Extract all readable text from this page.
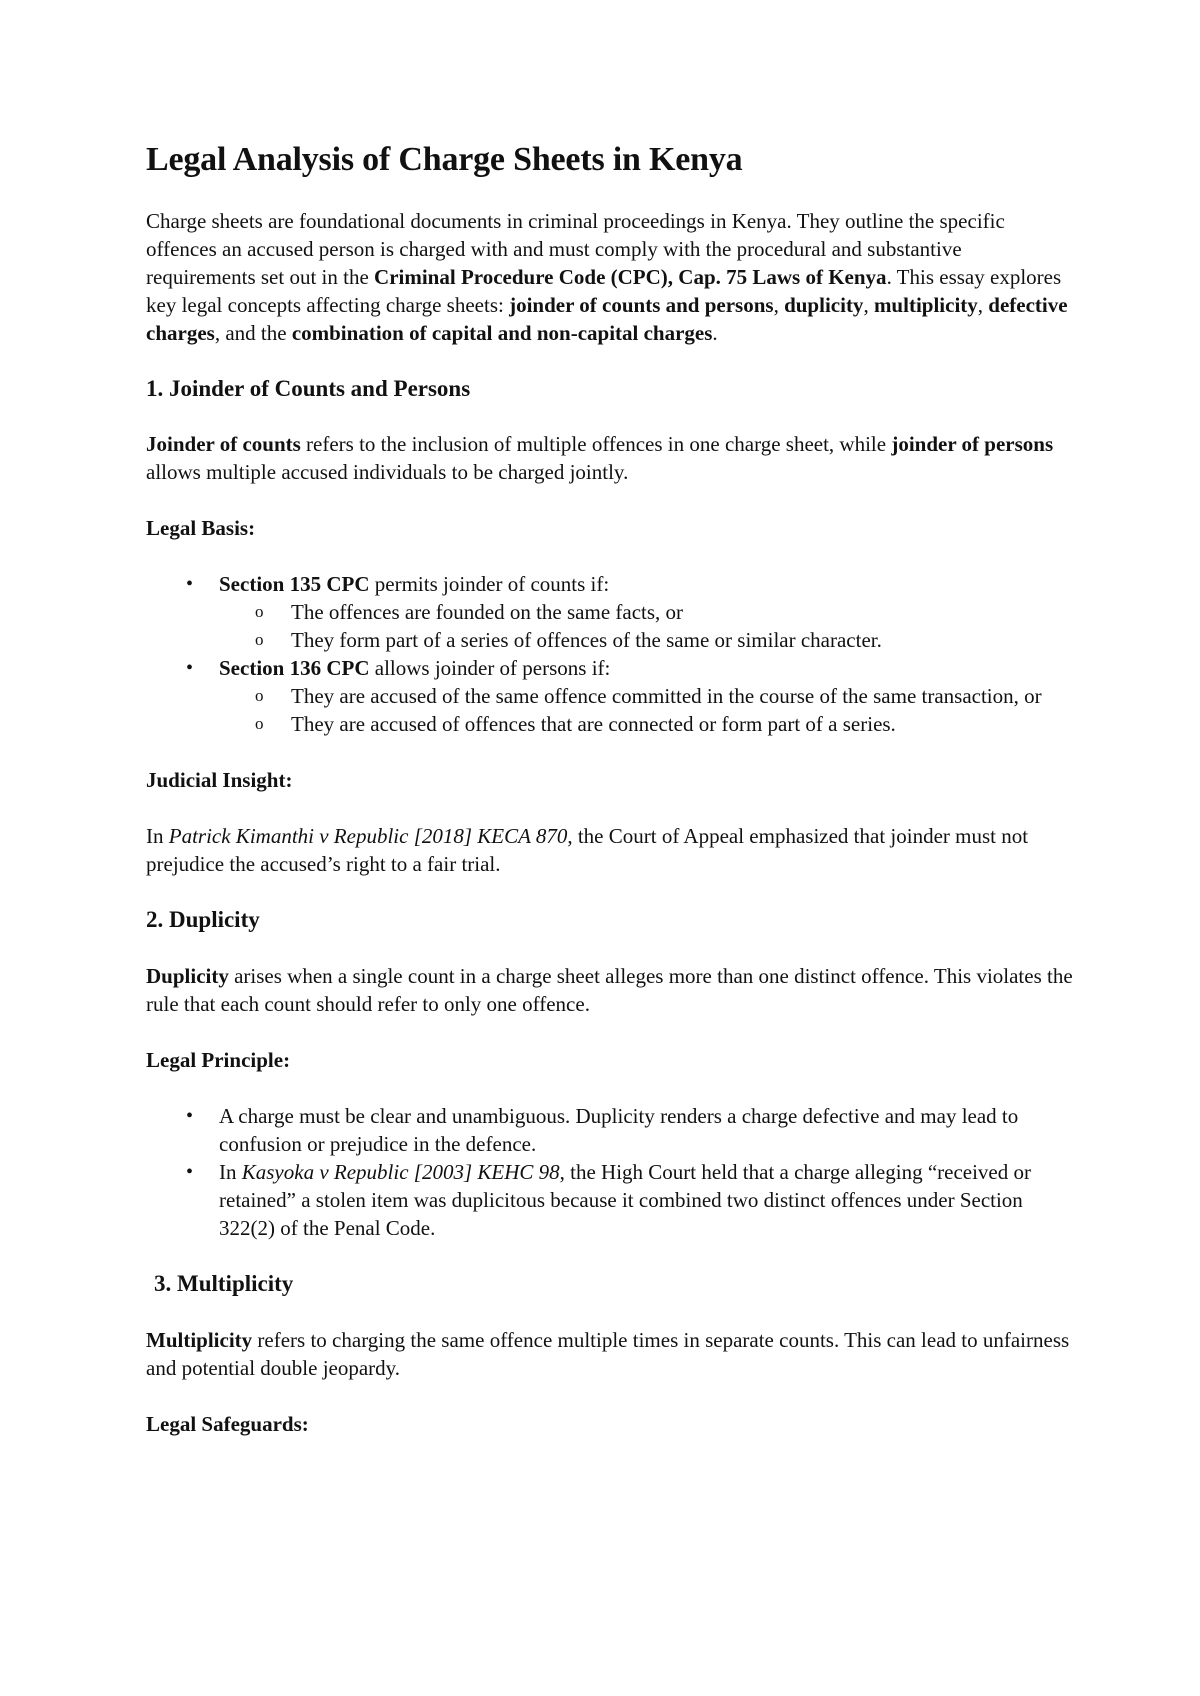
Legal Analysis of Charge Sheets in Kenya

Charge sheets are foundational documents in criminal proceedings in Kenya. They outline the specific offences an accused person is charged with and must comply with the procedural and substantive requirements set out in the Criminal Procedure Code (CPC), Cap. 75 Laws of Kenya. This essay explores key legal concepts affecting charge sheets: joinder of counts and persons, duplicity, multiplicity, defective charges, and the combination of capital and non-capital charges.

1. Joinder of Counts and Persons

Joinder of counts refers to the inclusion of multiple offences in one charge sheet, while joinder of persons allows multiple accused individuals to be charged jointly.

Legal Basis:

• Section 135 CPC permits joinder of counts if:
o The offences are founded on the same facts, or
o They form part of a series of offences of the same or similar character.
• Section 136 CPC allows joinder of persons if:
o They are accused of the same offence committed in the course of the same transaction, or
o They are accused of offences that are connected or form part of a series.

Judicial Insight:

In Patrick Kimanthi v Republic [2018] KECA 870, the Court of Appeal emphasized that joinder must not prejudice the accused’s right to a fair trial.

2. Duplicity

Duplicity arises when a single count in a charge sheet alleges more than one distinct offence. This violates the rule that each count should refer to only one offence.

Legal Principle:

• A charge must be clear and unambiguous. Duplicity renders a charge defective and may lead to confusion or prejudice in the defence.
• In Kasyoka v Republic [2003] KEHC 98, the High Court held that a charge alleging “received or retained” a stolen item was duplicitous because it combined two distinct offences under Section 322(2) of the Penal Code.
3. Multiplicity

Multiplicity refers to charging the same offence multiple times in separate counts. This can lead to unfairness and potential double jeopardy.

Legal Safeguards:
